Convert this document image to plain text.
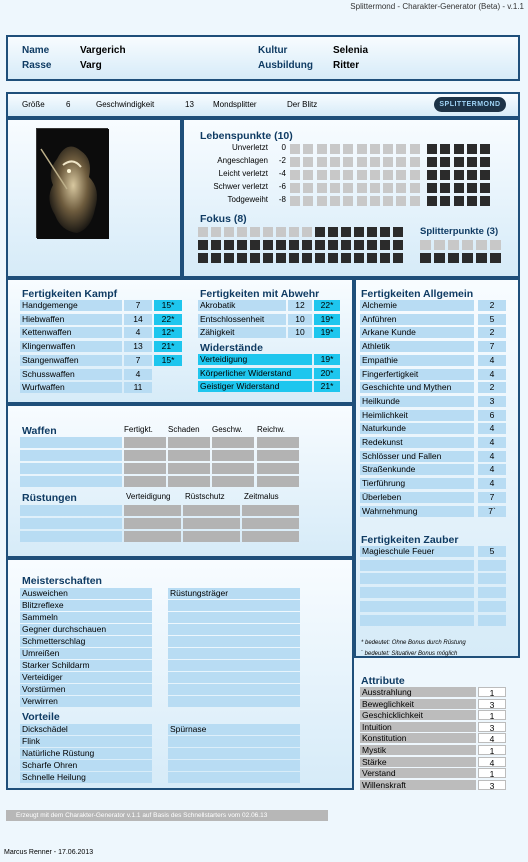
Splittermond - Charakter-Generator (Beta) - v.1.1
Name	Vargerich
Rasse	Varg
Kultur	Selenia
Ausbildung Ritter
Größe	6	Geschwindigkeit	13 Mondsplitter	Der Blitz	SPLITTERMOND
Lebenspunkte (10)
Fokus (8)
Splitterpunkte (3)
Fertigkeiten Kampf	Fertigkeiten mit Abwehr
Widerstände
Fertigkeiten Allgemein
Fertigkeiten Zauber
* bedeutet: Ohne Bonus durch Rüstung
` bedeutet: Situativer Bonus möglich
Waffen
Rüstungen
Meisterschaften
Vorteile
Attribute
Erzeugt mit dem Charakter-Generator v.1.1 auf Basis des Schnellstarters vom 02.06.13
Marcus Renner - 17.06.2013
Unverletzt	0
Angeschlagen	-2
Leicht verletzt	-4
Schwer verletzt	-6
Todgeweiht	-8
Handgemenge	7	15*
Hiebwaffen	14	22*
Kettenwaffen	4	12*
Klingenwaffen	13	21*
Stangenwaffen	7	15*
Schusswaffen	4
Wurfwaffen	11
Akrobatik	12	22*
Entschlossenheit	10	19*
Zähigkeit	10	19*
Verteidigung	19*
Körperlicher Widerstand	20*
Geistiger Widerstand	21*
Alchemie	2
Anführen	5
Arkane Kunde	2
Athletik	7
Empathie	4
Fingerfertigkeit	4
Geschichte und Mythen	2
Heilkunde	3
Heimlichkeit	6
Naturkunde	4
Redekunst	4
Schlösser und Fallen	4
Straßenkunde	4
Tierführung	4
Überleben	7
Wahrnehmung	7`
Magieschule Feuer	5
Fertigkt. Schaden Geschw. Reichw.
Verteidigung Rüstschutz Zeitmalus
Ausweichen	Rüstungsträger
Blitzreflexe
Sammeln
Gegner durchschauen
Schmetterschlag
Umreißen
Starker Schildarm
Verteidiger
Vorstürmen
Verwirren
Dickschädel	Spürnase
Flink
Natürliche Rüstung
Scharfe Ohren
Schnelle Heilung
Ausstrahlung	1
Beweglichkeit	3
Geschicklichkeit	1
Intuition	3
Konstitution	4
Mystik	1
Stärke	4
Verstand	1
Willenskraft	3
